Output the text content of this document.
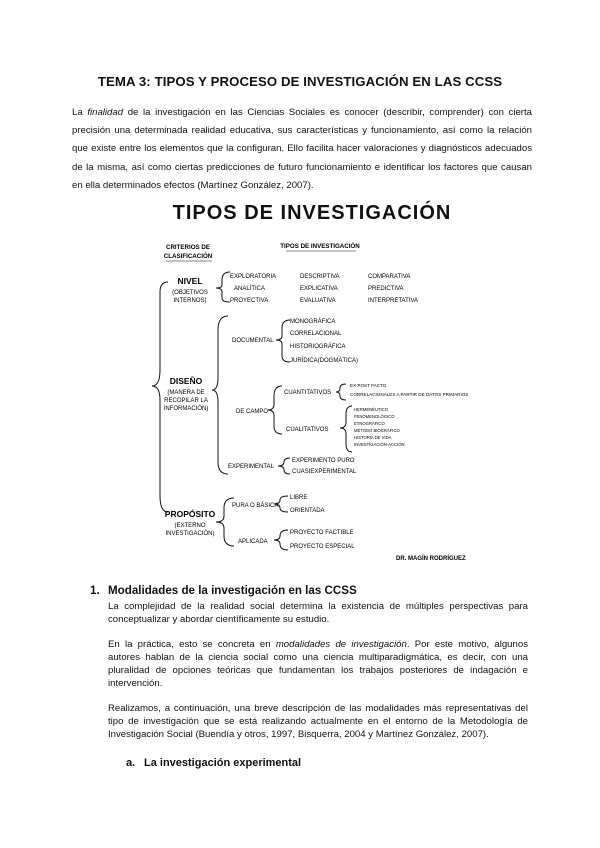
TEMA 3: TIPOS Y PROCESO DE INVESTIGACIÓN EN LAS CCSS
La finalidad de la investigación en las Ciencias Sociales es conocer (describir, comprender) con cierta precisión una determinada realidad educativa, sus características y funcionamiento, así como la relación que existe entre los elementos que la configuran. Ello facilita hacer valoraciones y diagnósticos adecuados de la misma, así como ciertas predicciones de futuro funcionamiento e identificar los factores que causan en ella determinados efectos (Martínez González, 2007).
TIPOS DE INVESTIGACIÓN
CRITERIOS DE
CLASIFICACIÓN
TIPOS DE INVESTIGACIÓN
NIVEL
(OBJETIVOS
INTERNOS)
EXPLORATORIA	DESCRIPTIVA	COMPARATIVA
ANALÍTICA	EXPLICATIVA	PREDICTIVA
PROYECTIVA	EVALUATIVA	INTERPRETATIVA
DISEÑO
(MANERA DE
RECOPILAR LA
INFORMACIÓN)
DOCUMENTAL
MONOGRÁFICA
CORRELACIONAL
HISTORIOGRÁFICA
JURÍDICA(DOGMÁTICA)
DE CAMPO
CUANTITATIVOS
EX POST FACTO
CORRELACIONALES A PARTIR DE DATOS PRIMARIOS
CUALITATIVOS
HERMENÉUTICO
FENOMENOLÓGICO
ETNOGRÁFICO
MÉTODO BIOGRÁFICO
HISTORIA DE VIDA
INVESTIGACIÓN-ACCIÓN
EXPERIMENTAL
EXPERIMENTO PURO
CUASIEXPERIMENTAL
PROPÓSITO
(EXTERNO
INVESTIGACIÓN)
PURA O BÁSICA
LIBRE
ORIENTADA
APLICADA
PROYECTO FACTIBLE
PROYECTO ESPECIAL
DR. MAGÍN RODRÍGUEZ
1. Modalidades de la investigación en las CCSS
La complejidad de la realidad social determina la existencia de múltiples perspectivas para conceptualizar y abordar científicamente su estudio.
En la práctica, esto se concreta en modalidades de investigación. Por este motivo, algunos autores hablan de la ciencia social como una ciencia multiparadigmática, es decir, con una pluralidad de opciones teóricas que fundamentan los trabajos posteriores de indagación e intervención.
Realizamos, a continuación, una breve descripción de las modalidades más representativas del tipo de investigación que se está realizando actualmente en el entorno de la Metodología de Investigación Social (Buendía y otros, 1997, Bisquerra, 2004 y Martínez González, 2007).
a. La investigación experimental
